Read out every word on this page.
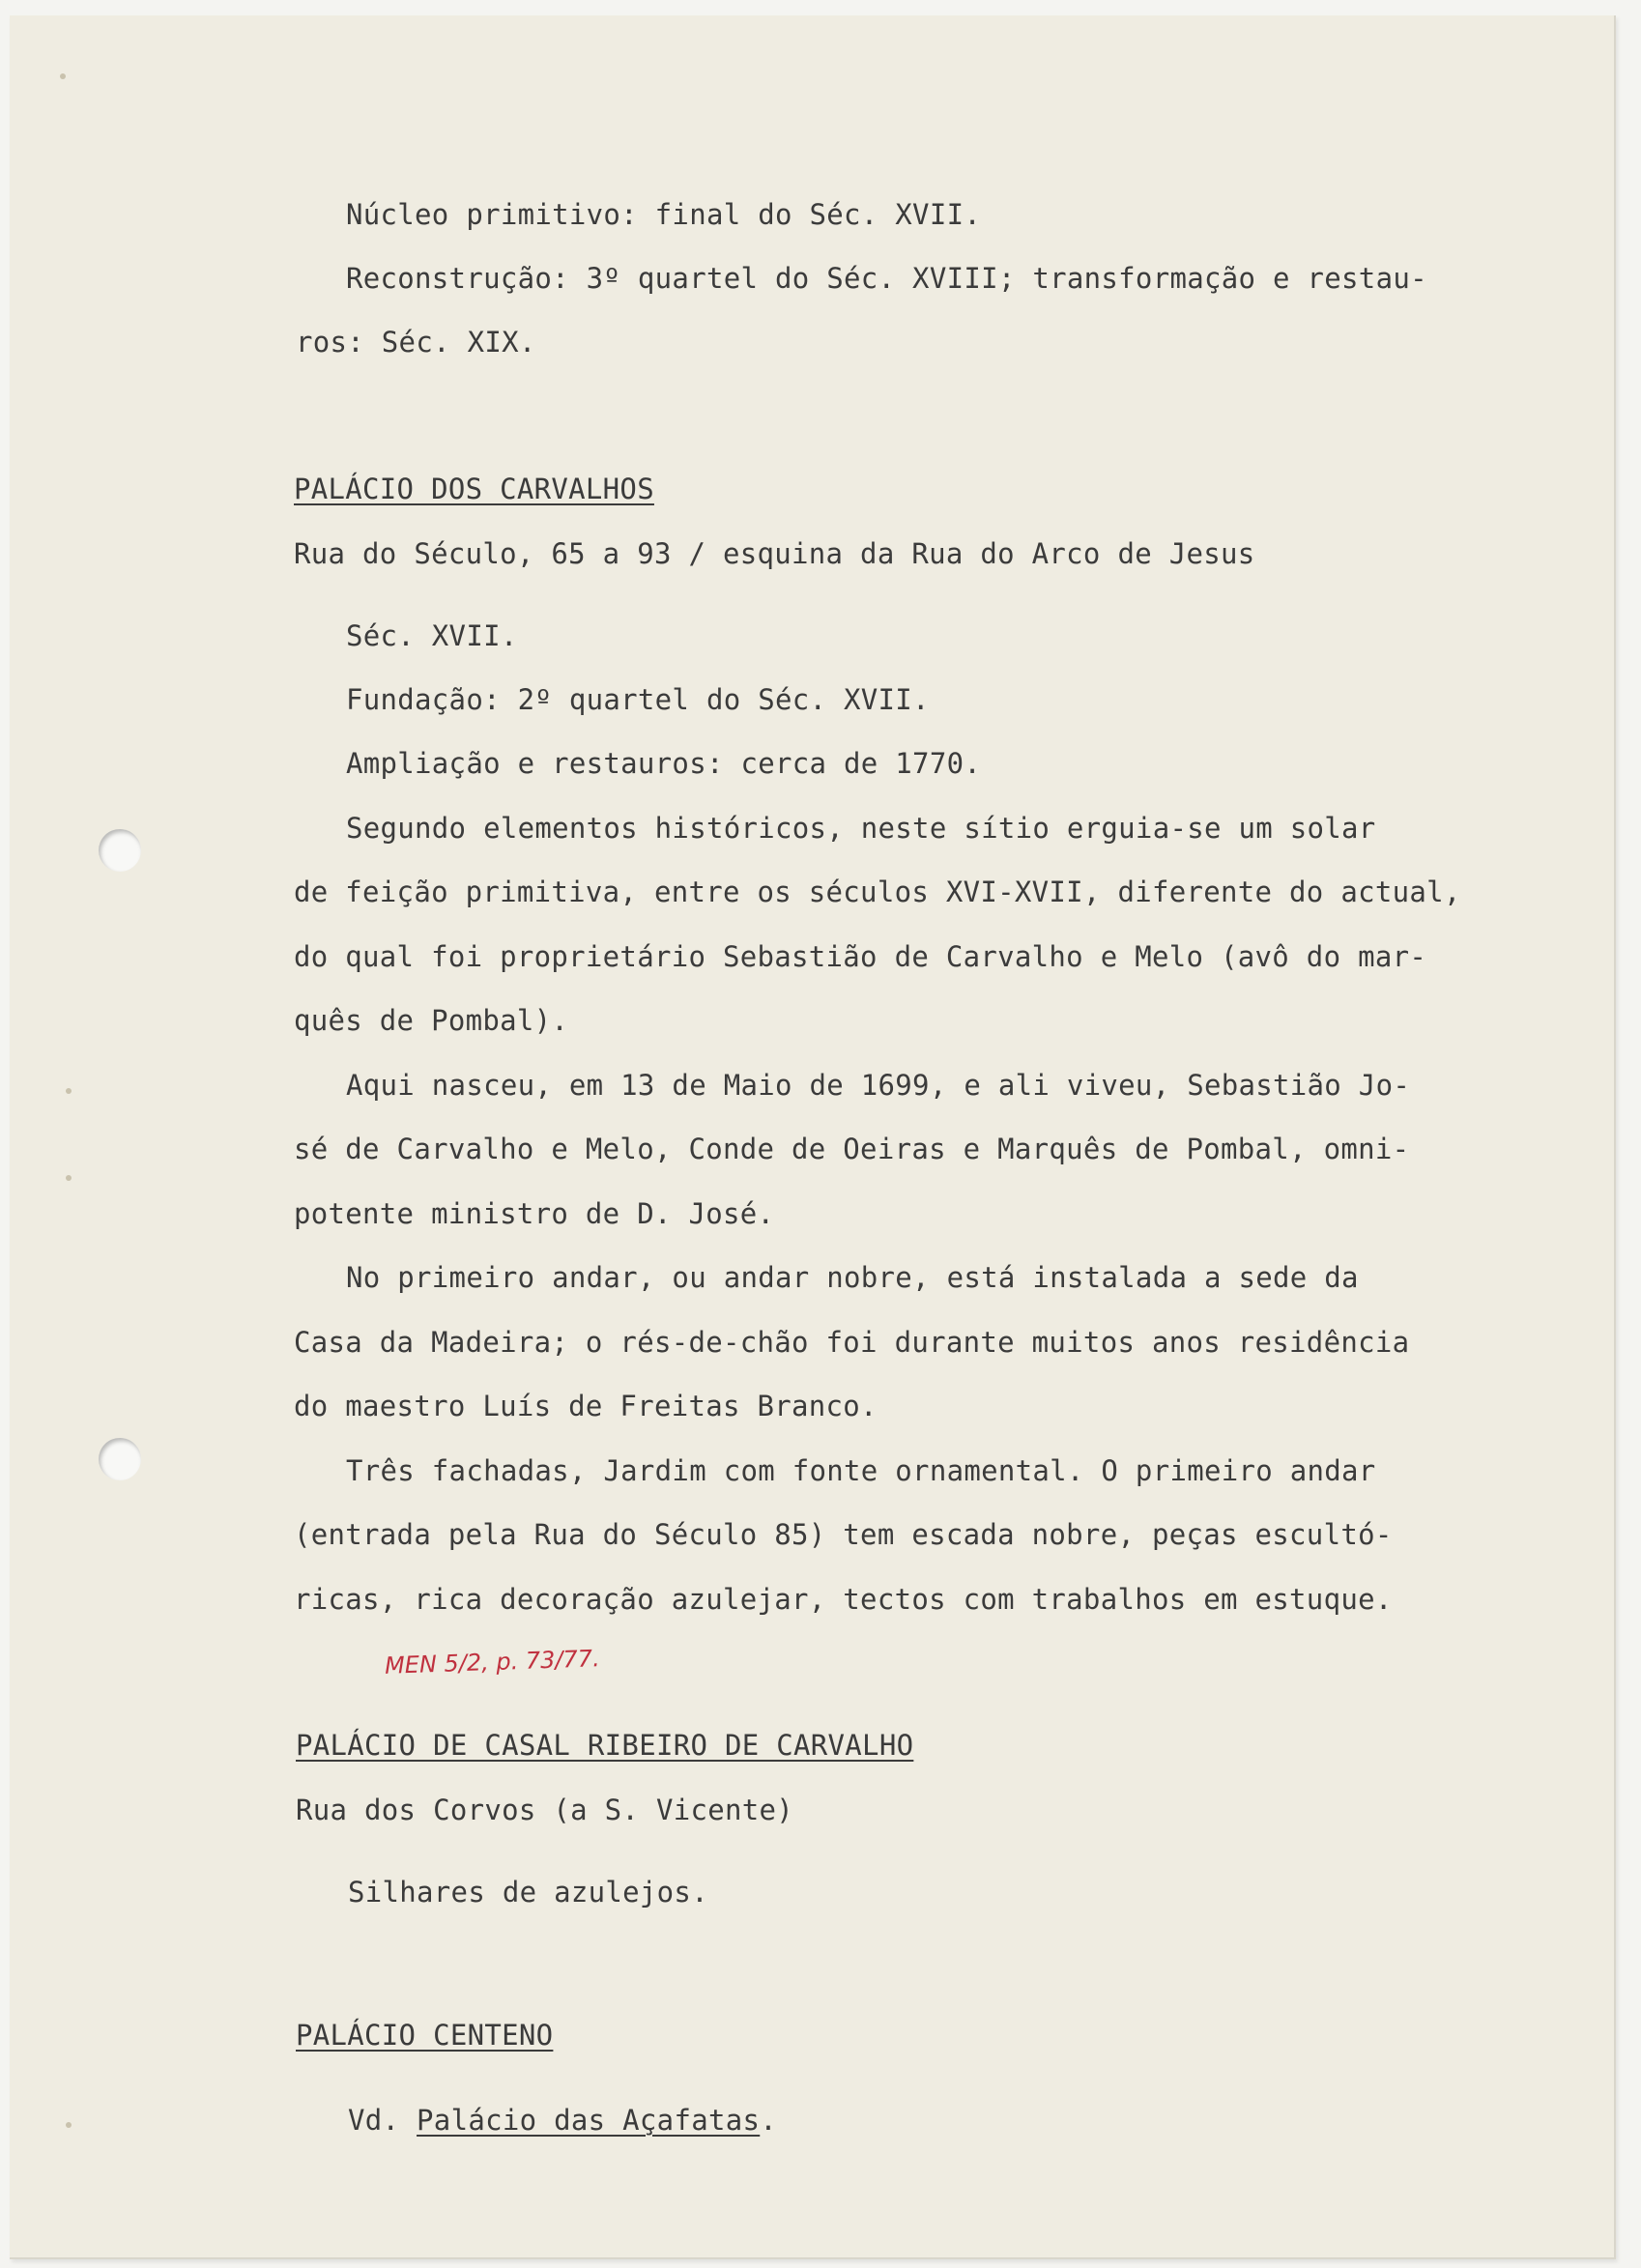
Núcleo primitivo: final do Séc. XVII.
Reconstrução: 3º quartel do Séc. XVIII; transformação e restau-
ros: Séc. XIX.
PALÁCIO DOS CARVALHOS
Rua do Século, 65 a 93 / esquina da Rua do Arco de Jesus
Séc. XVII.
Fundação: 2º quartel do Séc. XVII.
Ampliação e restauros: cerca de 1770.
Segundo elementos históricos, neste sítio erguia-se um solar
de feição primitiva, entre os séculos XVI-XVII, diferente do actual,
do qual foi proprietário Sebastião de Carvalho e Melo (avô do mar-
quês de Pombal).
Aqui nasceu, em 13 de Maio de 1699, e ali viveu, Sebastião Jo-
sé de Carvalho e Melo, Conde de Oeiras e Marquês de Pombal, omni-
potente ministro de D. José.
No primeiro andar, ou andar nobre, está instalada a sede da
Casa da Madeira; o rés-de-chão foi durante muitos anos residência
do maestro Luís de Freitas Branco.
Três fachadas, Jardim com fonte ornamental. O primeiro andar
(entrada pela Rua do Século 85) tem escada nobre, peças escultó-
ricas, rica decoração azulejar, tectos com trabalhos em estuque.
MEN 5/2, p. 73/77.
PALÁCIO DE CASAL RIBEIRO DE CARVALHO
Rua dos Corvos (a S. Vicente)
Silhares de azulejos.
PALÁCIO CENTENO
Vd. Palácio das Açafatas.
